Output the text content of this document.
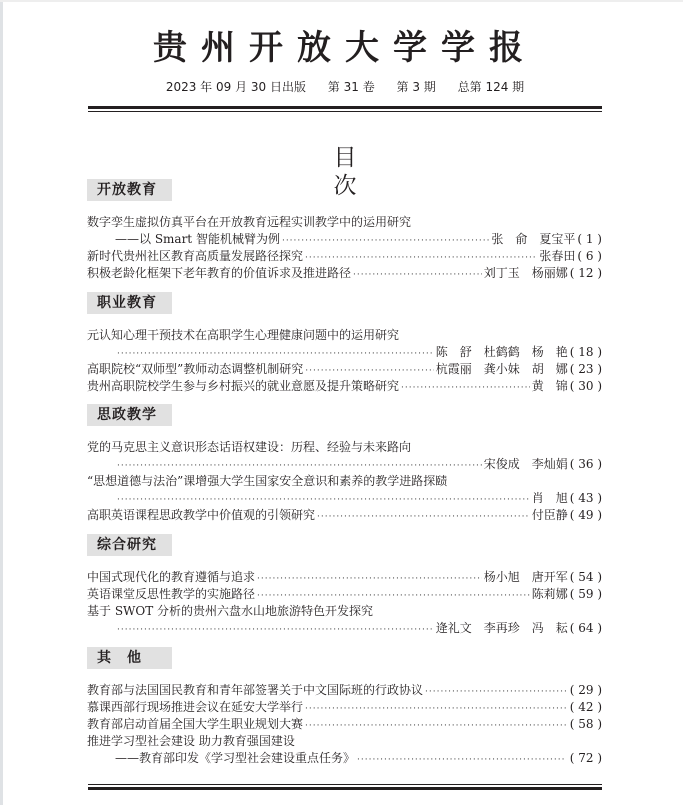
贵州开放大学学报
2023 年 09 月 30 日出版 第 31 卷 第 3 期 总第 124 期
目 次
开放教育
数字孪生虚拟仿真平台在开放教育远程实训教学中的运用研究
——以 Smart 智能机械臂为例 ·····	张　俞　夏宝平 ( 1 )
新时代贵州社区教育高质量发展路径探究 ·····	张春田 ( 6 )
积极老龄化框架下老年教育的价值诉求及推进路径 ·····	刘丁玉　杨丽娜 ( 12 )
职业教育
元认知心理干预技术在高职学生心理健康问题中的运用研究
·····
陈　舒　杜鹤鹤　杨　艳 ( 18 )
高职院校“双师型”教师动态调整机制研究 ·····	杭霞丽　龚小妹　胡　娜 ( 23 )
贵州高职院校学生参与乡村振兴的就业意愿及提升策略研究 ·····	黄　锦 ( 30 )
思政教学
党的马克思主义意识形态话语权建设：历程、经验与未来路向
·····
宋俊成　李灿娟 ( 36 )
“思想道德与法治”课增强大学生国家安全意识和素养的教学进路探赜
·····
肖　旭 ( 43 )
高职英语课程思政教学中价值观的引领研究 ·····	付臣静 ( 49 )
综合研究
中国式现代化的教育遵循与追求 ·····	杨小旭　唐开军 ( 54 )
英语课堂反思性教学的实施路径 ·····	陈莉娜 ( 59 )
基于 SWOT 分析的贵州六盘水山地旅游特色开发探究
·····
逄礼文　李再珍　冯　耘 ( 64 )
其　他
教育部与法国国民教育和青年部签署关于中文国际班的行政协议 ·····	( 29 )
慕课西部行现场推进会议在延安大学举行 ·····	( 42 )
教育部启动首届全国大学生职业规划大赛 ·····	( 58 )
推进学习型社会建设 助力教育强国建设
——教育部印发《学习型社会建设重点任务》 ·····	( 72 )
